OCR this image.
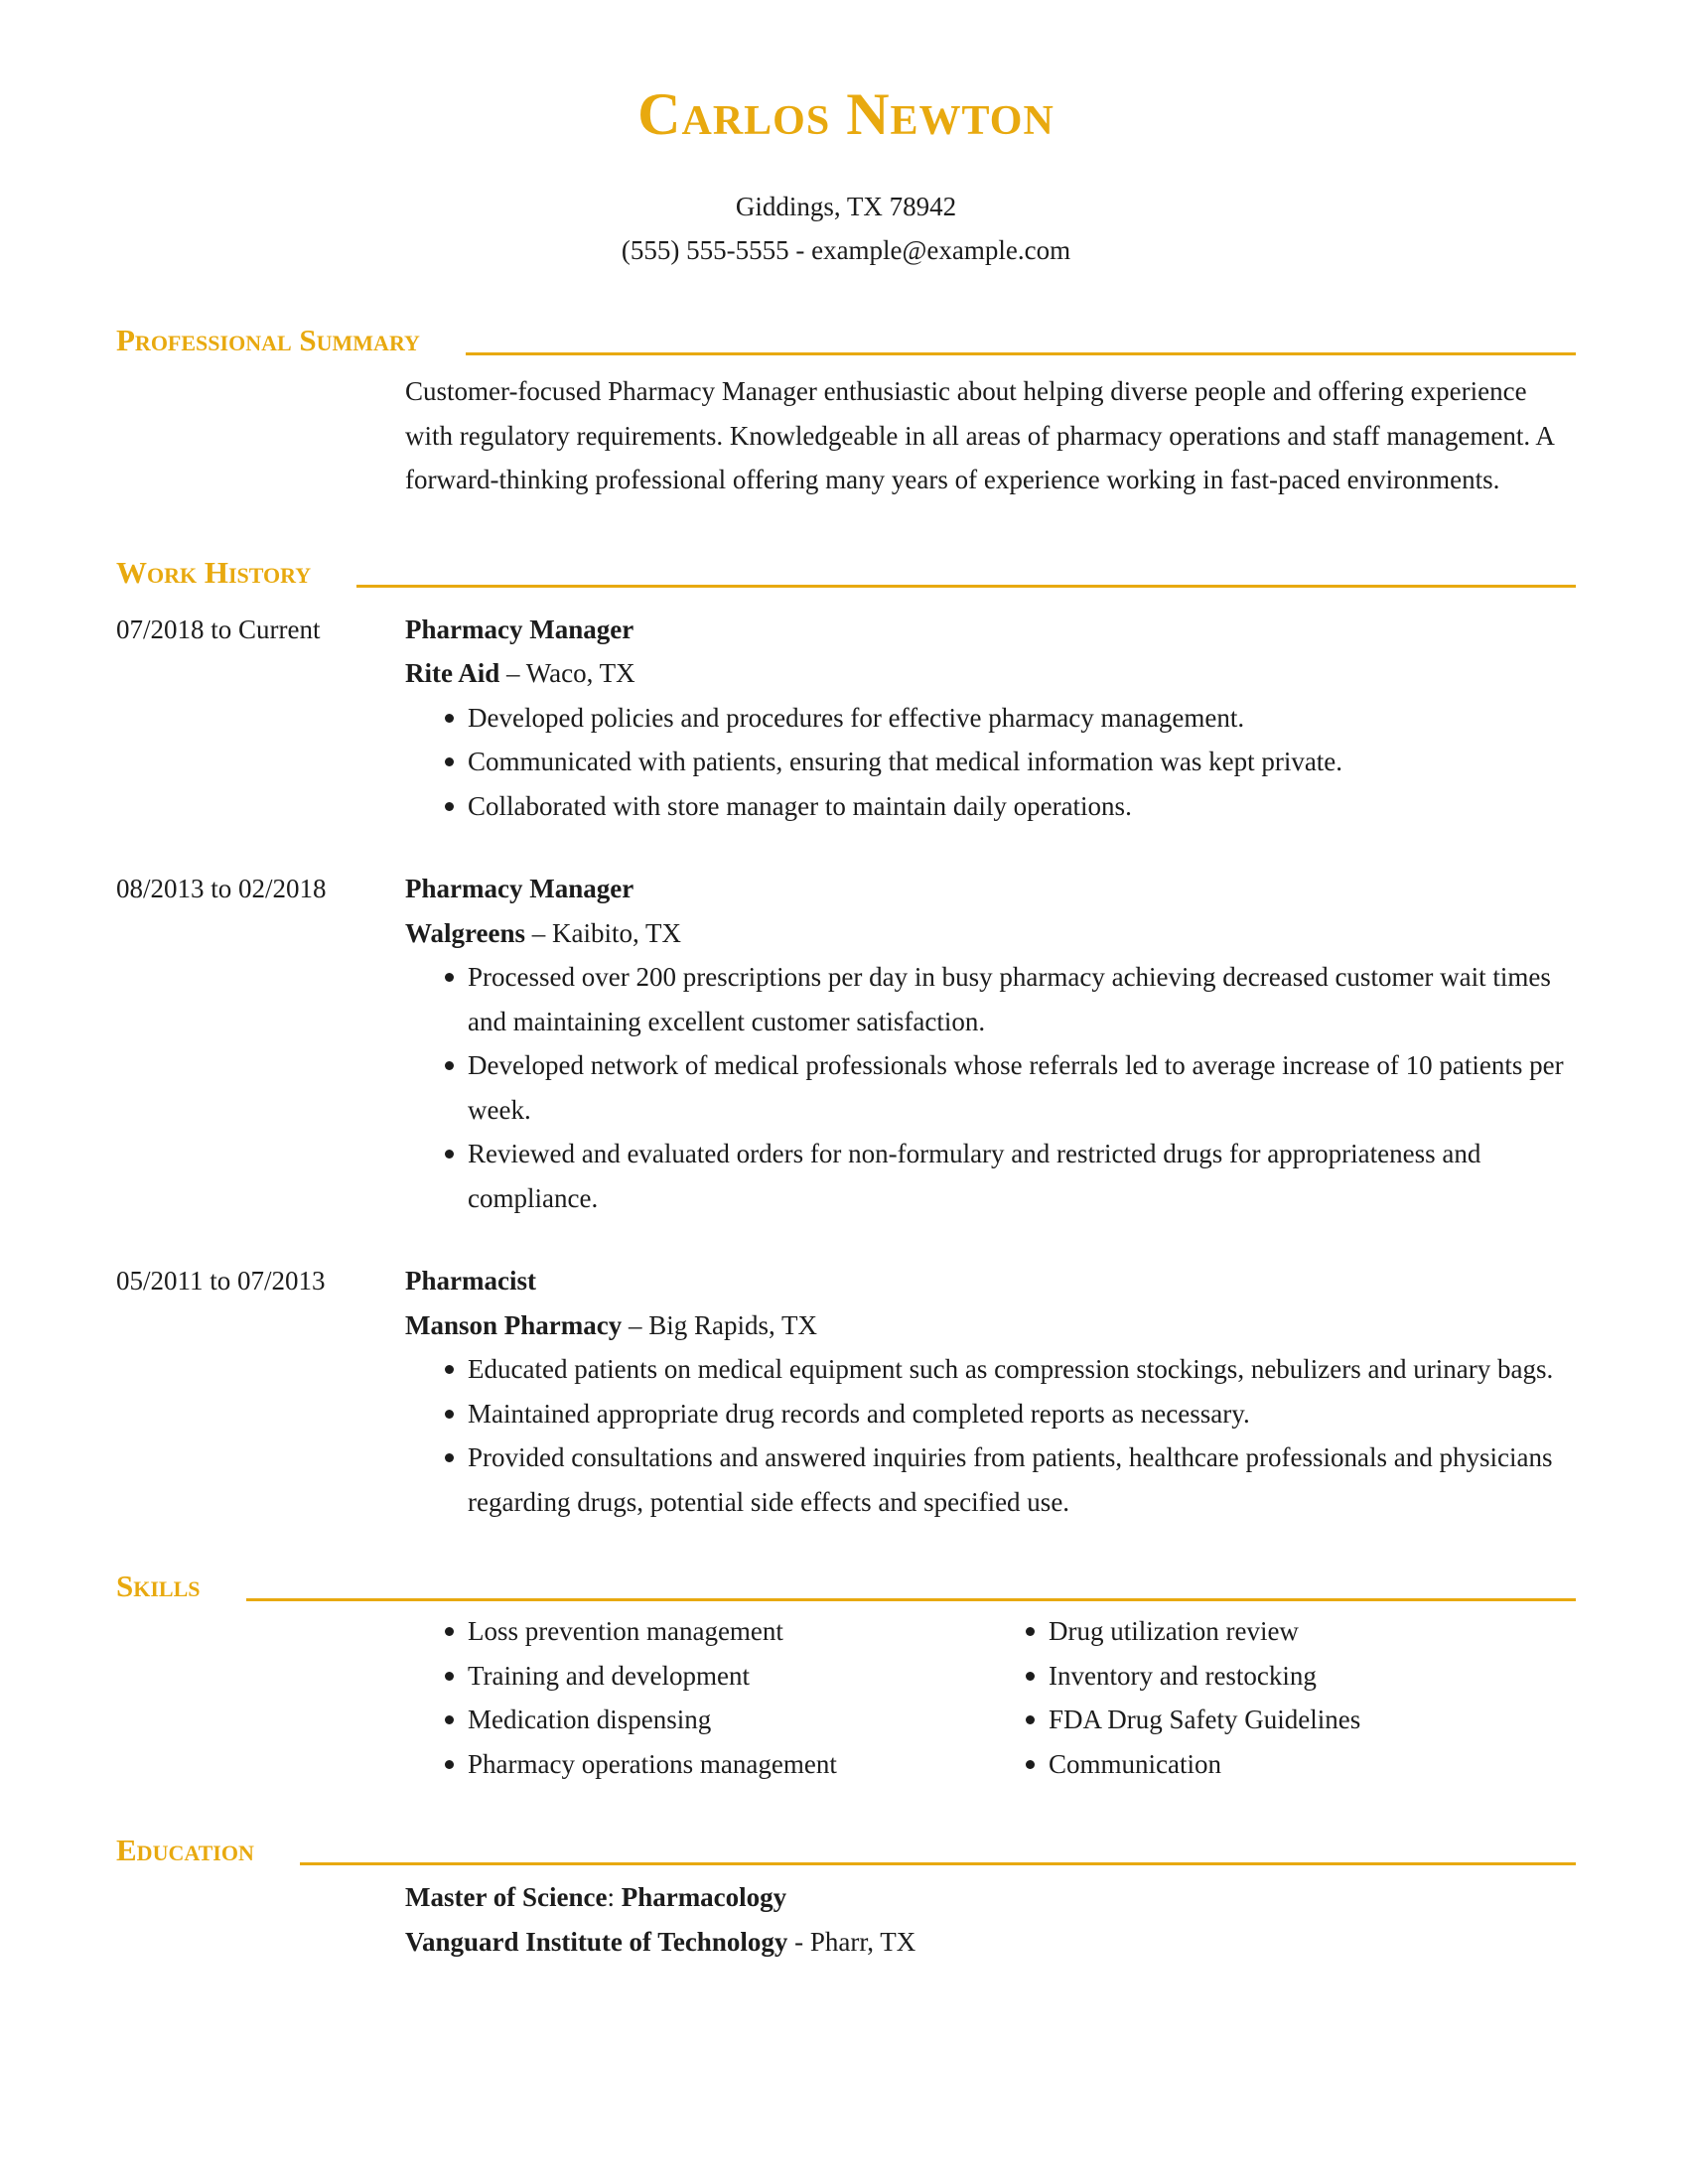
Carlos Newton
Giddings, TX 78942
(555) 555-5555 - example@example.com
Professional Summary
Customer-focused Pharmacy Manager enthusiastic about helping diverse people and offering experience with regulatory requirements. Knowledgeable in all areas of pharmacy operations and staff management. A forward-thinking professional offering many years of experience working in fast-paced environments.
Work History
07/2018 to Current	Pharmacy Manager
Rite Aid – Waco, TX
Developed policies and procedures for effective pharmacy management.
Communicated with patients, ensuring that medical information was kept private.
Collaborated with store manager to maintain daily operations.
08/2013 to 02/2018	Pharmacy Manager
Walgreens – Kaibito, TX
Processed over 200 prescriptions per day in busy pharmacy achieving decreased customer wait times and maintaining excellent customer satisfaction.
Developed network of medical professionals whose referrals led to average increase of 10 patients per week.
Reviewed and evaluated orders for non-formulary and restricted drugs for appropriateness and compliance.
05/2011 to 07/2013	Pharmacist
Manson Pharmacy – Big Rapids, TX
Educated patients on medical equipment such as compression stockings, nebulizers and urinary bags.
Maintained appropriate drug records and completed reports as necessary.
Provided consultations and answered inquiries from patients, healthcare professionals and physicians regarding drugs, potential side effects and specified use.
Skills
Loss prevention management
Training and development
Medication dispensing
Pharmacy operations management
Drug utilization review
Inventory and restocking
FDA Drug Safety Guidelines
Communication
Education
Master of Science: Pharmacology
Vanguard Institute of Technology - Pharr, TX
